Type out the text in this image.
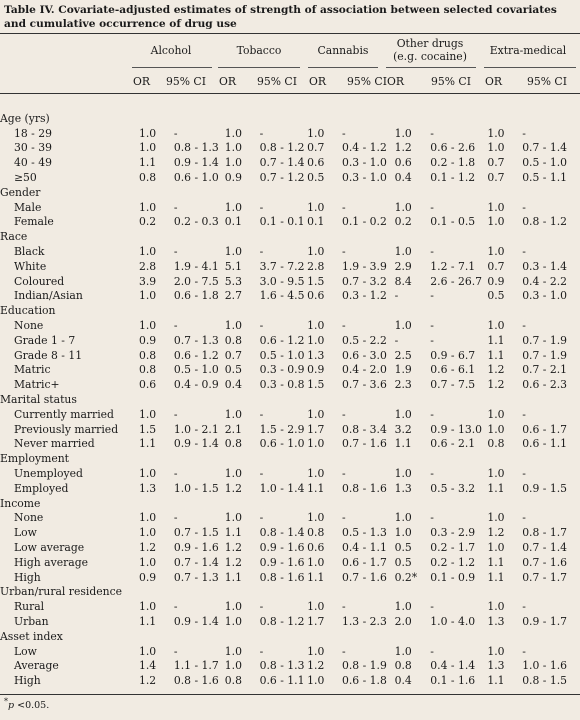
Table IV. Covariate-adjusted estimates of strength of association between selected covariates and cumulative occurrence of drug use
Alcohol	Tobacco	Cannabis
Other drugs
(e.g. cocaine)	Extra-medical
OR 95% CI OR 95% CI OR 95% CI OR	95% CI OR 95% CI
Age (yrs)										
18 - 29	1.0	-	1.0	-	1.0	-	1.0	-	1.0	-
30 - 39	1.0	0.8 - 1.3	1.0	0.8 - 1.2	0.7	0.4 - 1.2	1.2	0.6 - 2.6	1.0	0.7 - 1.4
40 - 49	1.1	0.9 - 1.4	1.0	0.7 - 1.4	0.6	0.3 - 1.0	0.6	0.2 - 1.8	0.7	0.5 - 1.0
≥50	0.8	0.6 - 1.0	0.9	0.7 - 1.2	0.5	0.3 - 1.0	0.4	0.1 - 1.2	0.7	0.5 - 1.1
Gender										
Male	1.0	-	1.0	-	1.0	-	1.0	-	1.0	-
Female	0.2	0.2 - 0.3	0.1	0.1 - 0.1	0.1	0.1 - 0.2	0.2	0.1 - 0.5	1.0	0.8 - 1.2
Race										
Black	1.0	-	1.0	-	1.0	-	1.0	-	1.0	-
White	2.8	1.9 - 4.1	5.1	3.7 - 7.2	2.8	1.9 - 3.9	2.9	1.2 - 7.1	0.7	0.3 - 1.4
Coloured	3.9	2.0 - 7.5	5.3	3.0 - 9.5	1.5	0.7 - 3.2	8.4	2.6 - 26.7	0.9	0.4 - 2.2
Indian/Asian	1.0	0.6 - 1.8	2.7	1.6 - 4.5	0.6	0.3 - 1.2	-	-	0.5	0.3 - 1.0
Education										
None	1.0	-	1.0	-	1.0	-	1.0	-	1.0	-
Grade 1 - 7	0.9	0.7 - 1.3	0.8	0.6 - 1.2	1.0	0.5 - 2.2	-	-	1.1	0.7 - 1.9
Grade 8 - 11	0.8	0.6 - 1.2	0.7	0.5 - 1.0	1.3	0.6 - 3.0	2.5	0.9 - 6.7	1.1	0.7 - 1.9
Matric	0.8	0.5 - 1.0	0.5	0.3 - 0.9	0.9	0.4 - 2.0	1.9	0.6 - 6.1	1.2	0.7 - 2.1
Matric+	0.6	0.4 - 0.9	0.4	0.3 - 0.8	1.5	0.7 - 3.6	2.3	0.7 - 7.5	1.2	0.6 - 2.3
Marital status										
Currently married	1.0	-	1.0	-	1.0	-	1.0	-	1.0	-
Previously married	1.5	1.0 - 2.1	2.1	1.5 - 2.9	1.7	0.8 - 3.4	3.2	0.9 - 13.0	1.0	0.6 - 1.7
Never married	1.1	0.9 - 1.4	0.8	0.6 - 1.0	1.0	0.7 - 1.6	1.1	0.6 - 2.1	0.8	0.6 - 1.1
Employment										
Unemployed	1.0	-	1.0	-	1.0	-	1.0	-	1.0	-
Employed	1.3	1.0 - 1.5	1.2	1.0 - 1.4	1.1	0.8 - 1.6	1.3	0.5 - 3.2	1.1	0.9 - 1.5
Income										
None	1.0	-	1.0	-	1.0	-	1.0	-	1.0	-
Low	1.0	0.7 - 1.5	1.1	0.8 - 1.4	0.8	0.5 - 1.3	1.0	0.3 - 2.9	1.2	0.8 - 1.7
Low average	1.2	0.9 - 1.6	1.2	0.9 - 1.6	0.6	0.4 - 1.1	0.5	0.2 - 1.7	1.0	0.7 - 1.4
High average	1.0	0.7 - 1.4	1.2	0.9 - 1.6	1.0	0.6 - 1.7	0.5	0.2 - 1.2	1.1	0.7 - 1.6
High	0.9	0.7 - 1.3	1.1	0.8 - 1.6	1.1	0.7 - 1.6	0.2*	0.1 - 0.9	1.1	0.7 - 1.7
Urban/rural residence										
Rural	1.0	-	1.0	-	1.0	-	1.0	-	1.0	-
Urban	1.1	0.9 - 1.4	1.0	0.8 - 1.2	1.7	1.3 - 2.3	2.0	1.0 - 4.0	1.3	0.9 - 1.7
Asset index										
Low	1.0	-	1.0	-	1.0	-	1.0	-	1.0	-
Average	1.4	1.1 - 1.7	1.0	0.8 - 1.3	1.2	0.8 - 1.9	0.8	0.4 - 1.4	1.3	1.0 - 1.6
High	1.2	0.8 - 1.6	0.8	0.6 - 1.1	1.0	0.6 - 1.8	0.4	0.1 - 1.6	1.1	0.8 - 1.5
*p <0.05.
